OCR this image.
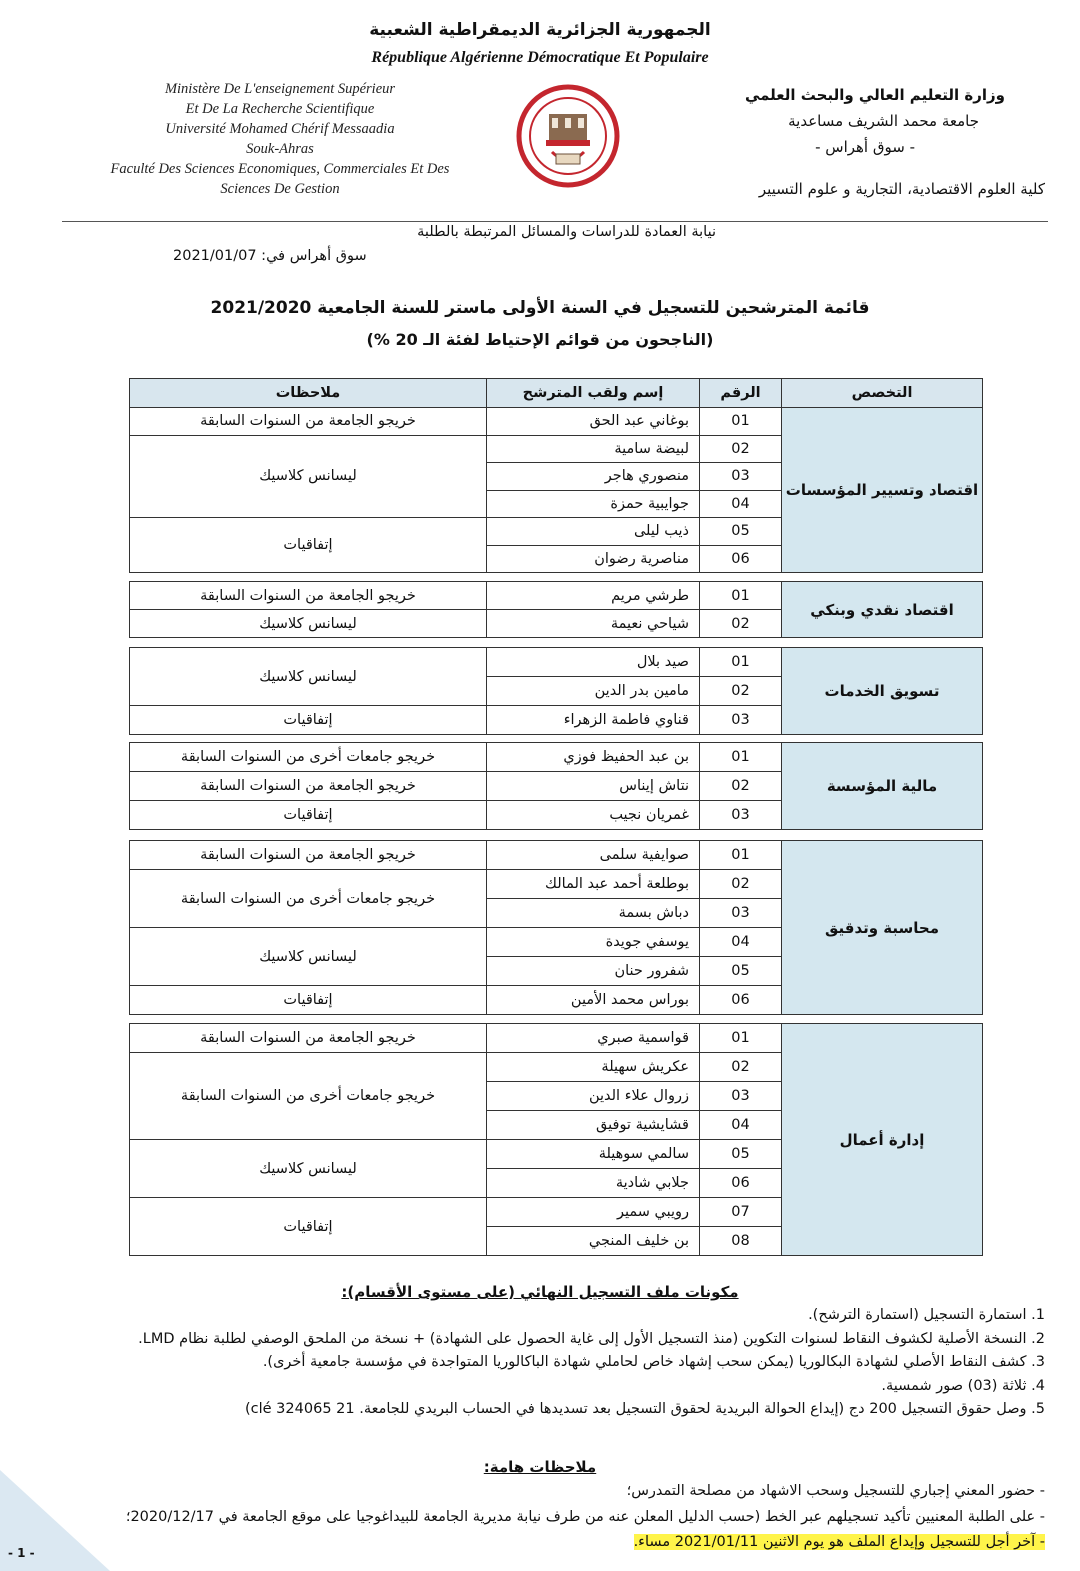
الجمهورية الجزائرية الديمقراطية الشعبية
République Algérienne Démocratique Et Populaire
Ministère De L'enseignement Supérieur
Et De La Recherche Scientifique
Université Mohamed Chérif Messaadia
Souk-Ahras
Faculté Des Sciences Economiques, Commerciales Et Des
Sciences De Gestion
وزارة التعليم العالي والبحث العلمي
جامعة محمد الشريف مساعدية
- سوق أهراس -
كلية العلوم الاقتصادية، التجارية و علوم التسيير
نيابة العمادة للدراسات والمسائل المرتبطة بالطلبة
سوق أهراس في: 2021/01/07
قائمة المترشحين للتسجيل في السنة الأولى ماستر للسنة الجامعية 2021/2020
(الناجحون من قوائم الإحتياط لفئة الـ 20 %)
ملاحظات	إسم ولقب المترشح	الرقم	التخصص
خريجو الجامعة من السنوات السابقة	بوغاني عبد الحق	01	اقتصاد وتسيير المؤسسات
ليسانس كلاسيك	لبيضة سامية	02	
	منصوري هاجر	03	
	جوايبية حمزة	04	
إتفاقيات	ذيب ليلى	05	
	مناصرية رضوان	06	
خريجو الجامعة من السنوات السابقة	طرشي مريم	01	اقتصاد نقدي وبنكي
ليسانس كلاسيك	شياحي نعيمة	02	
ليسانس كلاسيك	صيد بلال	01	تسويق الخدمات
	مامين بدر الدين	02	
إتفاقيات	قناوي فاطمة الزهراء	03	
خريجو جامعات أخرى من السنوات السابقة	بن عبد الحفيظ فوزي	01	مالية المؤسسة
خريجو الجامعة من السنوات السابقة	نتاش إيناس	02	
إتفاقيات	غمريان نجيب	03	
خريجو الجامعة من السنوات السابقة	صوايفية سلمى	01	محاسبة وتدقيق
خريجو جامعات أخرى من السنوات السابقة	بوطلعة أحمد عبد المالك	02	
	دباش بسمة	03	
ليسانس كلاسيك	يوسفي جويدة	04	
	شفرور حنان	05	
إتفاقيات	بوراس محمد الأمين	06	
خريجو الجامعة من السنوات السابقة	قواسمية صبري	01	إدارة أعمال
خريجو جامعات أخرى من السنوات السابقة	عكريش سهيلة	02	
	زروال علاء الدين	03	
	قشايشية توفيق	04	
ليسانس كلاسيك	سالمي سوهيلة	05	
	جلابي شادية	06	
إتفاقيات	رويبي سمير	07	
	بن خليف المنجي	08	
مكونات ملف التسجيل النهائي (على مستوى الأقسام):
1. استمارة التسجيل (استمارة الترشح).
2. النسخة الأصلية لكشوف النقاط لسنوات التكوين (منذ التسجيل الأول إلى غاية الحصول على الشهادة) + نسخة من الملحق الوصفي لطلبة نظام LMD.
3. كشف النقاط الأصلي لشهادة البكالوريا (يمكن سحب إشهاد خاص لحاملي شهادة الباكالوريا المتواجدة في مؤسسة جامعية أخرى).
4. ثلاثة (03) صور شمسية.
5. وصل حقوق التسجيل 200 دج (إيداع الحوالة البريدية لحقوق التسجيل بعد تسديدها في الحساب البريدي للجامعة. 21 clé 324065)
ملاحظات هامة:
- حضور المعني إجباري للتسجيل وسحب الاشهاد من مصلحة التمدرس؛
- على الطلبة المعنيين تأكيد تسجيلهم عبر الخط (حسب الدليل المعلن عنه من طرف نيابة مديرية الجامعة للبيداغوجيا على موقع الجامعة في 2020/12/17؛
- آخر أجل للتسجيل وإيداع الملف هو يوم الاثنين 2021/01/11 مساء.
- 1 -
